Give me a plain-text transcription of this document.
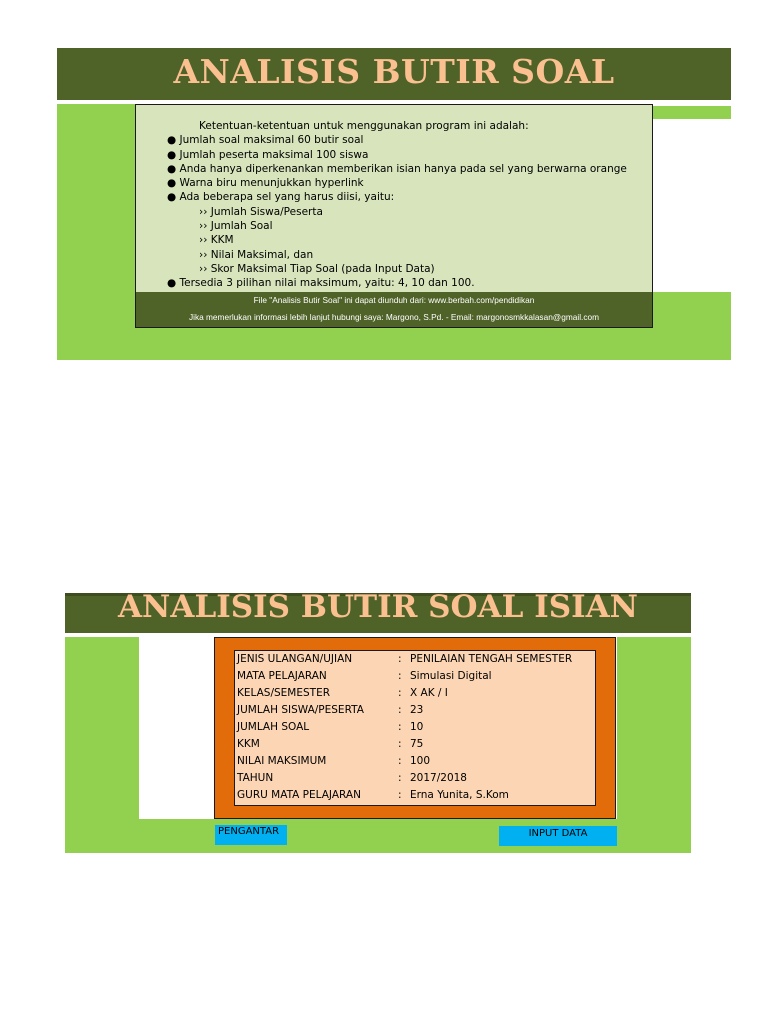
ANALISIS BUTIR SOAL
Ketentuan-ketentuan untuk menggunakan program ini adalah:
● Jumlah soal maksimal 60 butir soal
● Jumlah peserta maksimal 100 siswa
● Anda hanya diperkenankan memberikan isian hanya pada sel yang berwarna orange
● Warna biru menunjukkan hyperlink
● Ada beberapa sel yang harus diisi, yaitu:
›› Jumlah Siswa/Peserta
›› Jumlah Soal
›› KKM
›› Nilai Maksimal, dan
›› Skor Maksimal Tiap Soal (pada Input Data)
● Tersedia 3 pilihan nilai maksimum, yaitu: 4, 10 dan 100.
File "Analisis Butir Soal" ini dapat diunduh dari: www.berbah.com/pendidikan
Jika memerlukan informasi lebih lanjut hubungi saya: Margono, S.Pd. - Email: margonosmkkalasan@gmail.com
ANALISIS BUTIR SOAL ISIAN
JENIS ULANGAN/UJIAN	: PENILAIAN TENGAH SEMESTER
MATA PELAJARAN	: Simulasi Digital
KELAS/SEMESTER	: X AK / I
JUMLAH SISWA/PESERTA	: 23
JUMLAH SOAL	: 10
KKM	: 75
NILAI MAKSIMUM	: 100
TAHUN	: 2017/2018
GURU MATA PELAJARAN	: Erna Yunita, S.Kom
PENGANTAR	INPUT DATA
